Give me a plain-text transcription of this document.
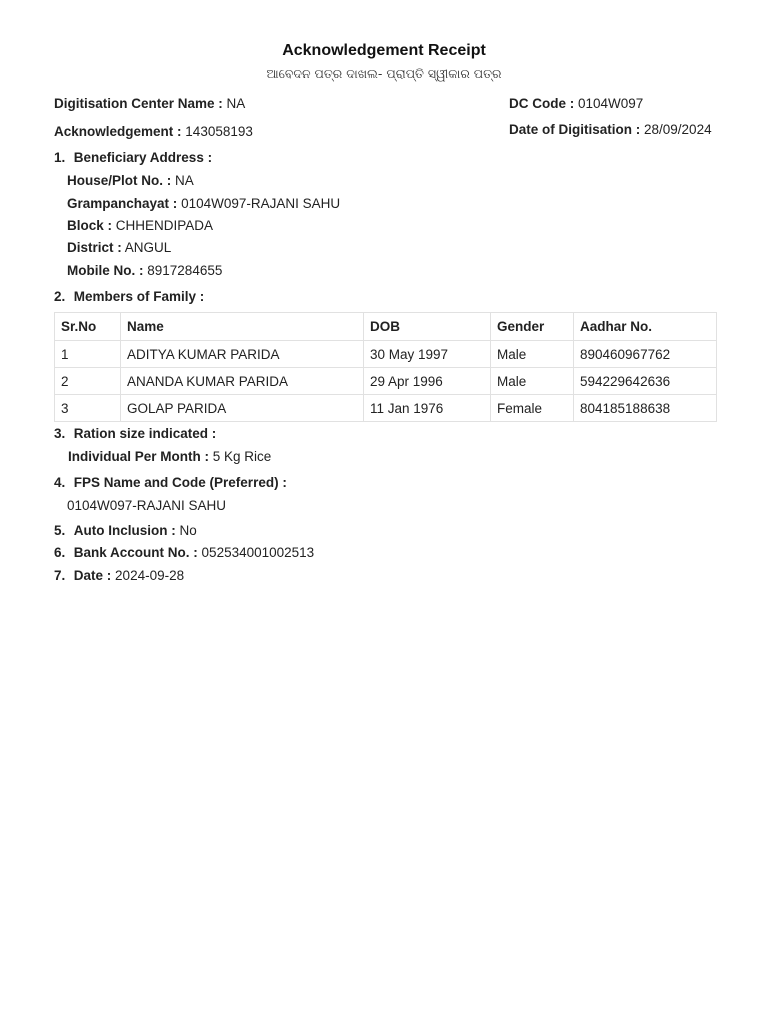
Acknowledgement Receipt
ଆବେଦନ ପତ୍ର ଦାଖଲ- ପ୍ରାପ୍ତି ସ୍ୱୀକାର ପତ୍ର
Digitisation Center Name : NA	DC Code : 0104W097
Acknowledgement : 143058193	Date of Digitisation : 28/09/2024
1. Beneficiary Address :
House/Plot No. : NA
Grampanchayat : 0104W097-RAJANI SAHU
Block : CHHENDIPADA
District : ANGUL
Mobile No. : 8917284655
2. Members of Family :
Sr.No	Name	DOB	Gender	Aadhar No.
1	ADITYA KUMAR PARIDA	30 May 1997	Male	890460967762
2	ANANDA KUMAR PARIDA	29 Apr 1996	Male	594229642636
3	GOLAP PARIDA	11 Jan 1976	Female	804185188638
3. Ration size indicated :
Individual Per Month : 5 Kg Rice
4. FPS Name and Code (Preferred) :
0104W097-RAJANI SAHU
5. Auto Inclusion : No
6. Bank Account No. : 052534001002513
7. Date : 2024-09-28
